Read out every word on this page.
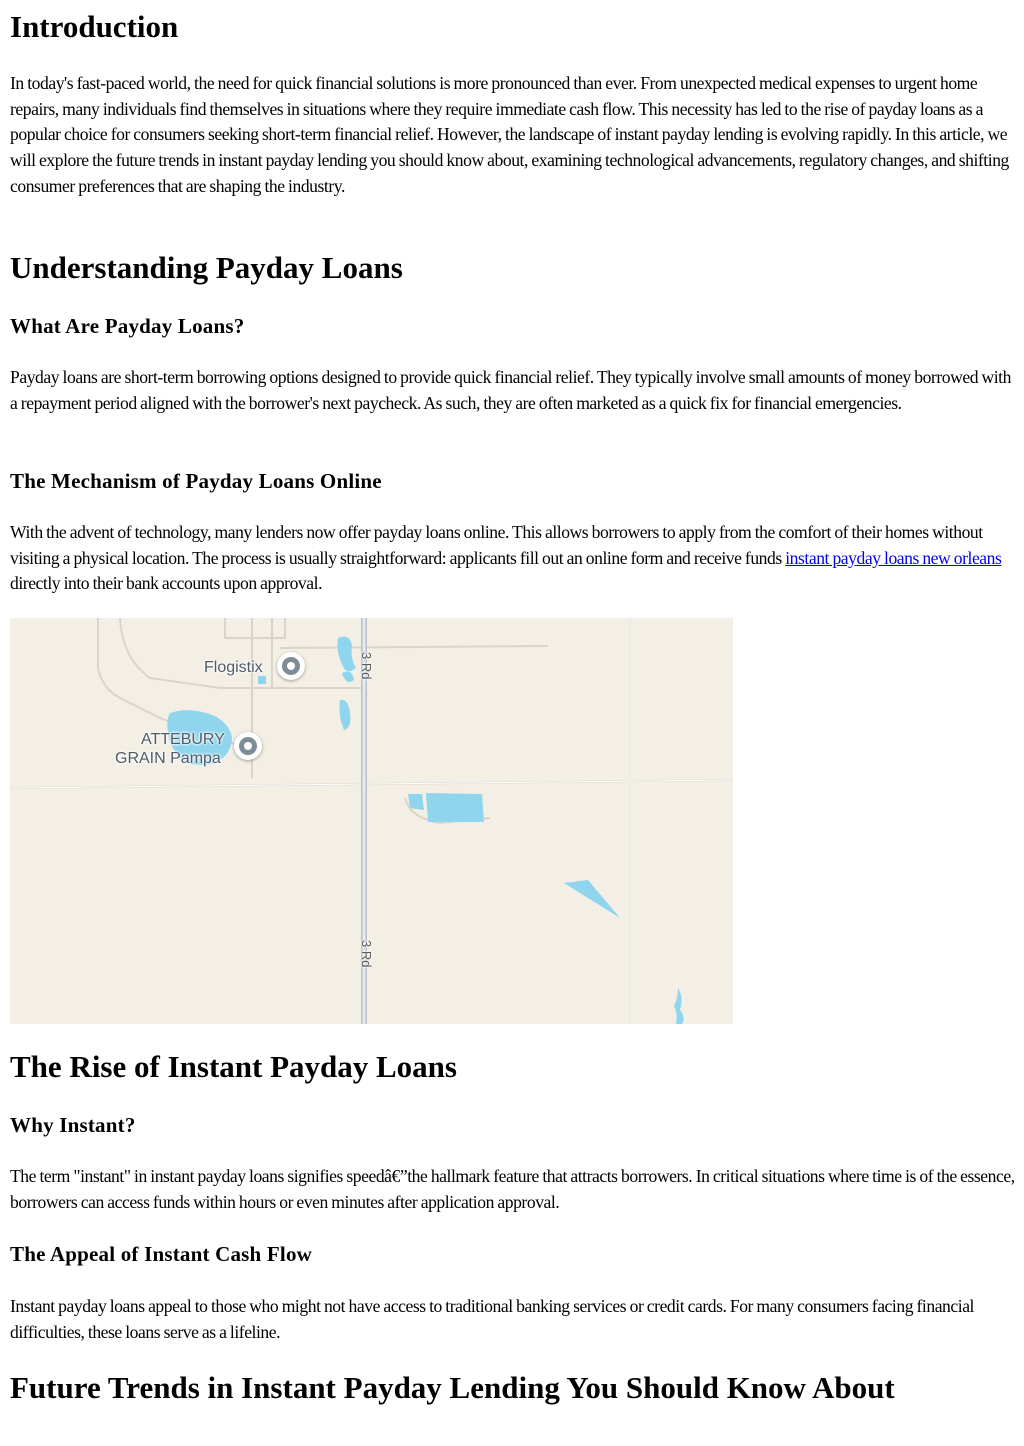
Introduction

In today's fast-paced world, the need for quick financial solutions is more pronounced than ever. From unexpected medical expenses to urgent home repairs, many individuals find themselves in situations where they require immediate cash flow. This necessity has led to the rise of payday loans as a popular choice for consumers seeking short-term financial relief. However, the landscape of instant payday lending is evolving rapidly. In this article, we will explore the future trends in instant payday lending you should know about, examining technological advancements, regulatory changes, and shifting consumer preferences that are shaping the industry.

Understanding Payday Loans
What Are Payday Loans?

Payday loans are short-term borrowing options designed to provide quick financial relief. They typically involve small amounts of money borrowed with a repayment period aligned with the borrower's next paycheck. As such, they are often marketed as a quick fix for financial emergencies.

The Mechanism of Payday Loans Online

With the advent of technology, many lenders now offer payday loans online. This allows borrowers to apply from the comfort of their homes without visiting a physical location. The process is usually straightforward: applicants fill out an online form and receive funds instant payday loans new orleans directly into their bank accounts upon approval.

Flogistix
ATTEBURY
GRAIN Pampa
3 Rd
3 Rd
The Rise of Instant Payday Loans
Why Instant?

The term "instant" in instant payday loans signifies speedâ€”the hallmark feature that attracts borrowers. In critical situations where time is of the essence, borrowers can access funds within hours or even minutes after application approval.

The Appeal of Instant Cash Flow

Instant payday loans appeal to those who might not have access to traditional banking services or credit cards. For many consumers facing financial difficulties, these loans serve as a lifeline.

Future Trends in Instant Payday Lending You Should Know About
